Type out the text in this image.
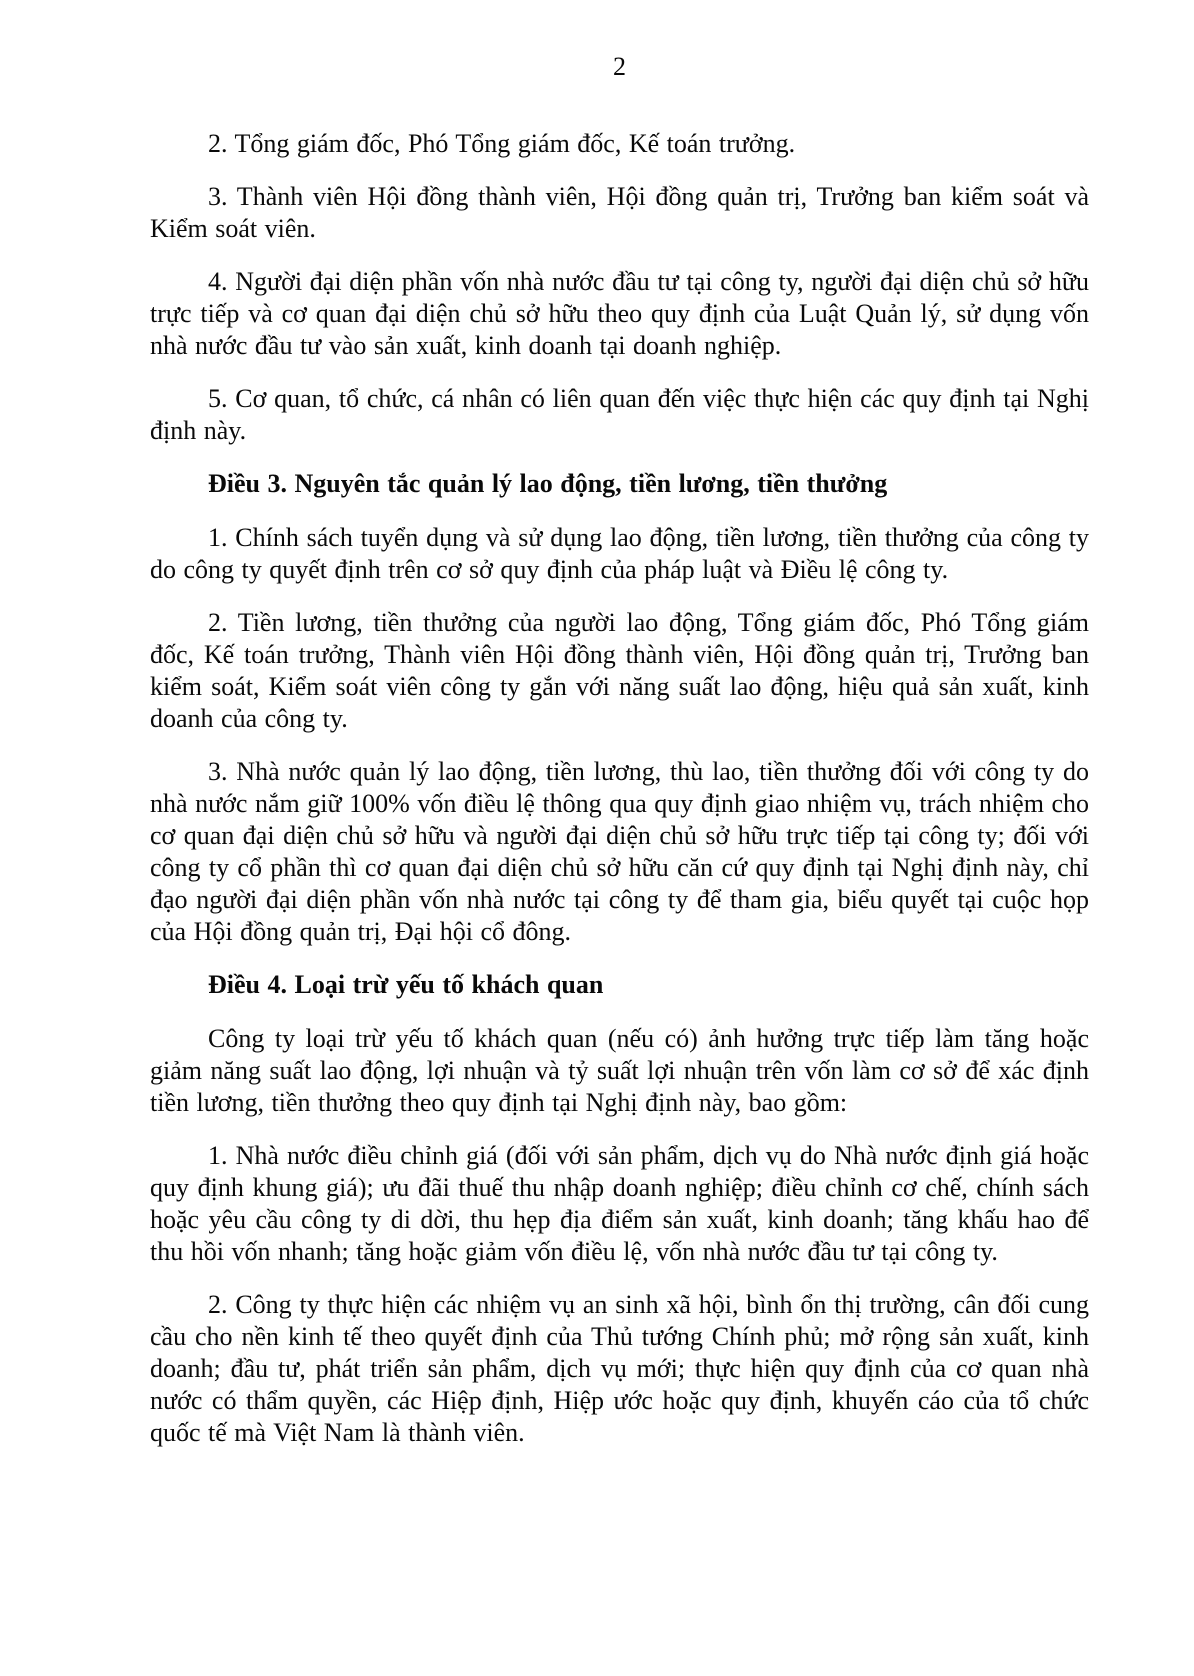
2

2. Tổng giám đốc, Phó Tổng giám đốc, Kế toán trưởng.

3. Thành viên Hội đồng thành viên, Hội đồng quản trị, Trưởng ban kiểm soát và Kiểm soát viên.

4. Người đại diện phần vốn nhà nước đầu tư tại công ty, người đại diện chủ sở hữu trực tiếp và cơ quan đại diện chủ sở hữu theo quy định của Luật Quản lý, sử dụng vốn nhà nước đầu tư vào sản xuất, kinh doanh tại doanh nghiệp.

5. Cơ quan, tổ chức, cá nhân có liên quan đến việc thực hiện các quy định tại Nghị định này.

Điều 3. Nguyên tắc quản lý lao động, tiền lương, tiền thưởng

1. Chính sách tuyển dụng và sử dụng lao động, tiền lương, tiền thưởng của công ty do công ty quyết định trên cơ sở quy định của pháp luật và Điều lệ công ty.

2. Tiền lương, tiền thưởng của người lao động, Tổng giám đốc, Phó Tổng giám đốc, Kế toán trưởng, Thành viên Hội đồng thành viên, Hội đồng quản trị, Trưởng ban kiểm soát, Kiểm soát viên công ty gắn với năng suất lao động, hiệu quả sản xuất, kinh doanh của công ty.

3. Nhà nước quản lý lao động, tiền lương, thù lao, tiền thưởng đối với công ty do nhà nước nắm giữ 100% vốn điều lệ thông qua quy định giao nhiệm vụ, trách nhiệm cho cơ quan đại diện chủ sở hữu và người đại diện chủ sở hữu trực tiếp tại công ty; đối với công ty cổ phần thì cơ quan đại diện chủ sở hữu căn cứ quy định tại Nghị định này, chỉ đạo người đại diện phần vốn nhà nước tại công ty để tham gia, biểu quyết tại cuộc họp của Hội đồng quản trị, Đại hội cổ đông.

Điều 4. Loại trừ yếu tố khách quan

Công ty loại trừ yếu tố khách quan (nếu có) ảnh hưởng trực tiếp làm tăng hoặc giảm năng suất lao động, lợi nhuận và tỷ suất lợi nhuận trên vốn làm cơ sở để xác định tiền lương, tiền thưởng theo quy định tại Nghị định này, bao gồm:

1. Nhà nước điều chỉnh giá (đối với sản phẩm, dịch vụ do Nhà nước định giá hoặc quy định khung giá); ưu đãi thuế thu nhập doanh nghiệp; điều chỉnh cơ chế, chính sách hoặc yêu cầu công ty di dời, thu hẹp địa điểm sản xuất, kinh doanh; tăng khấu hao để thu hồi vốn nhanh; tăng hoặc giảm vốn điều lệ, vốn nhà nước đầu tư tại công ty.

2. Công ty thực hiện các nhiệm vụ an sinh xã hội, bình ổn thị trường, cân đối cung cầu cho nền kinh tế theo quyết định của Thủ tướng Chính phủ; mở rộng sản xuất, kinh doanh; đầu tư, phát triển sản phẩm, dịch vụ mới; thực hiện quy định của cơ quan nhà nước có thẩm quyền, các Hiệp định, Hiệp ước hoặc quy định, khuyến cáo của tổ chức quốc tế mà Việt Nam là thành viên.
